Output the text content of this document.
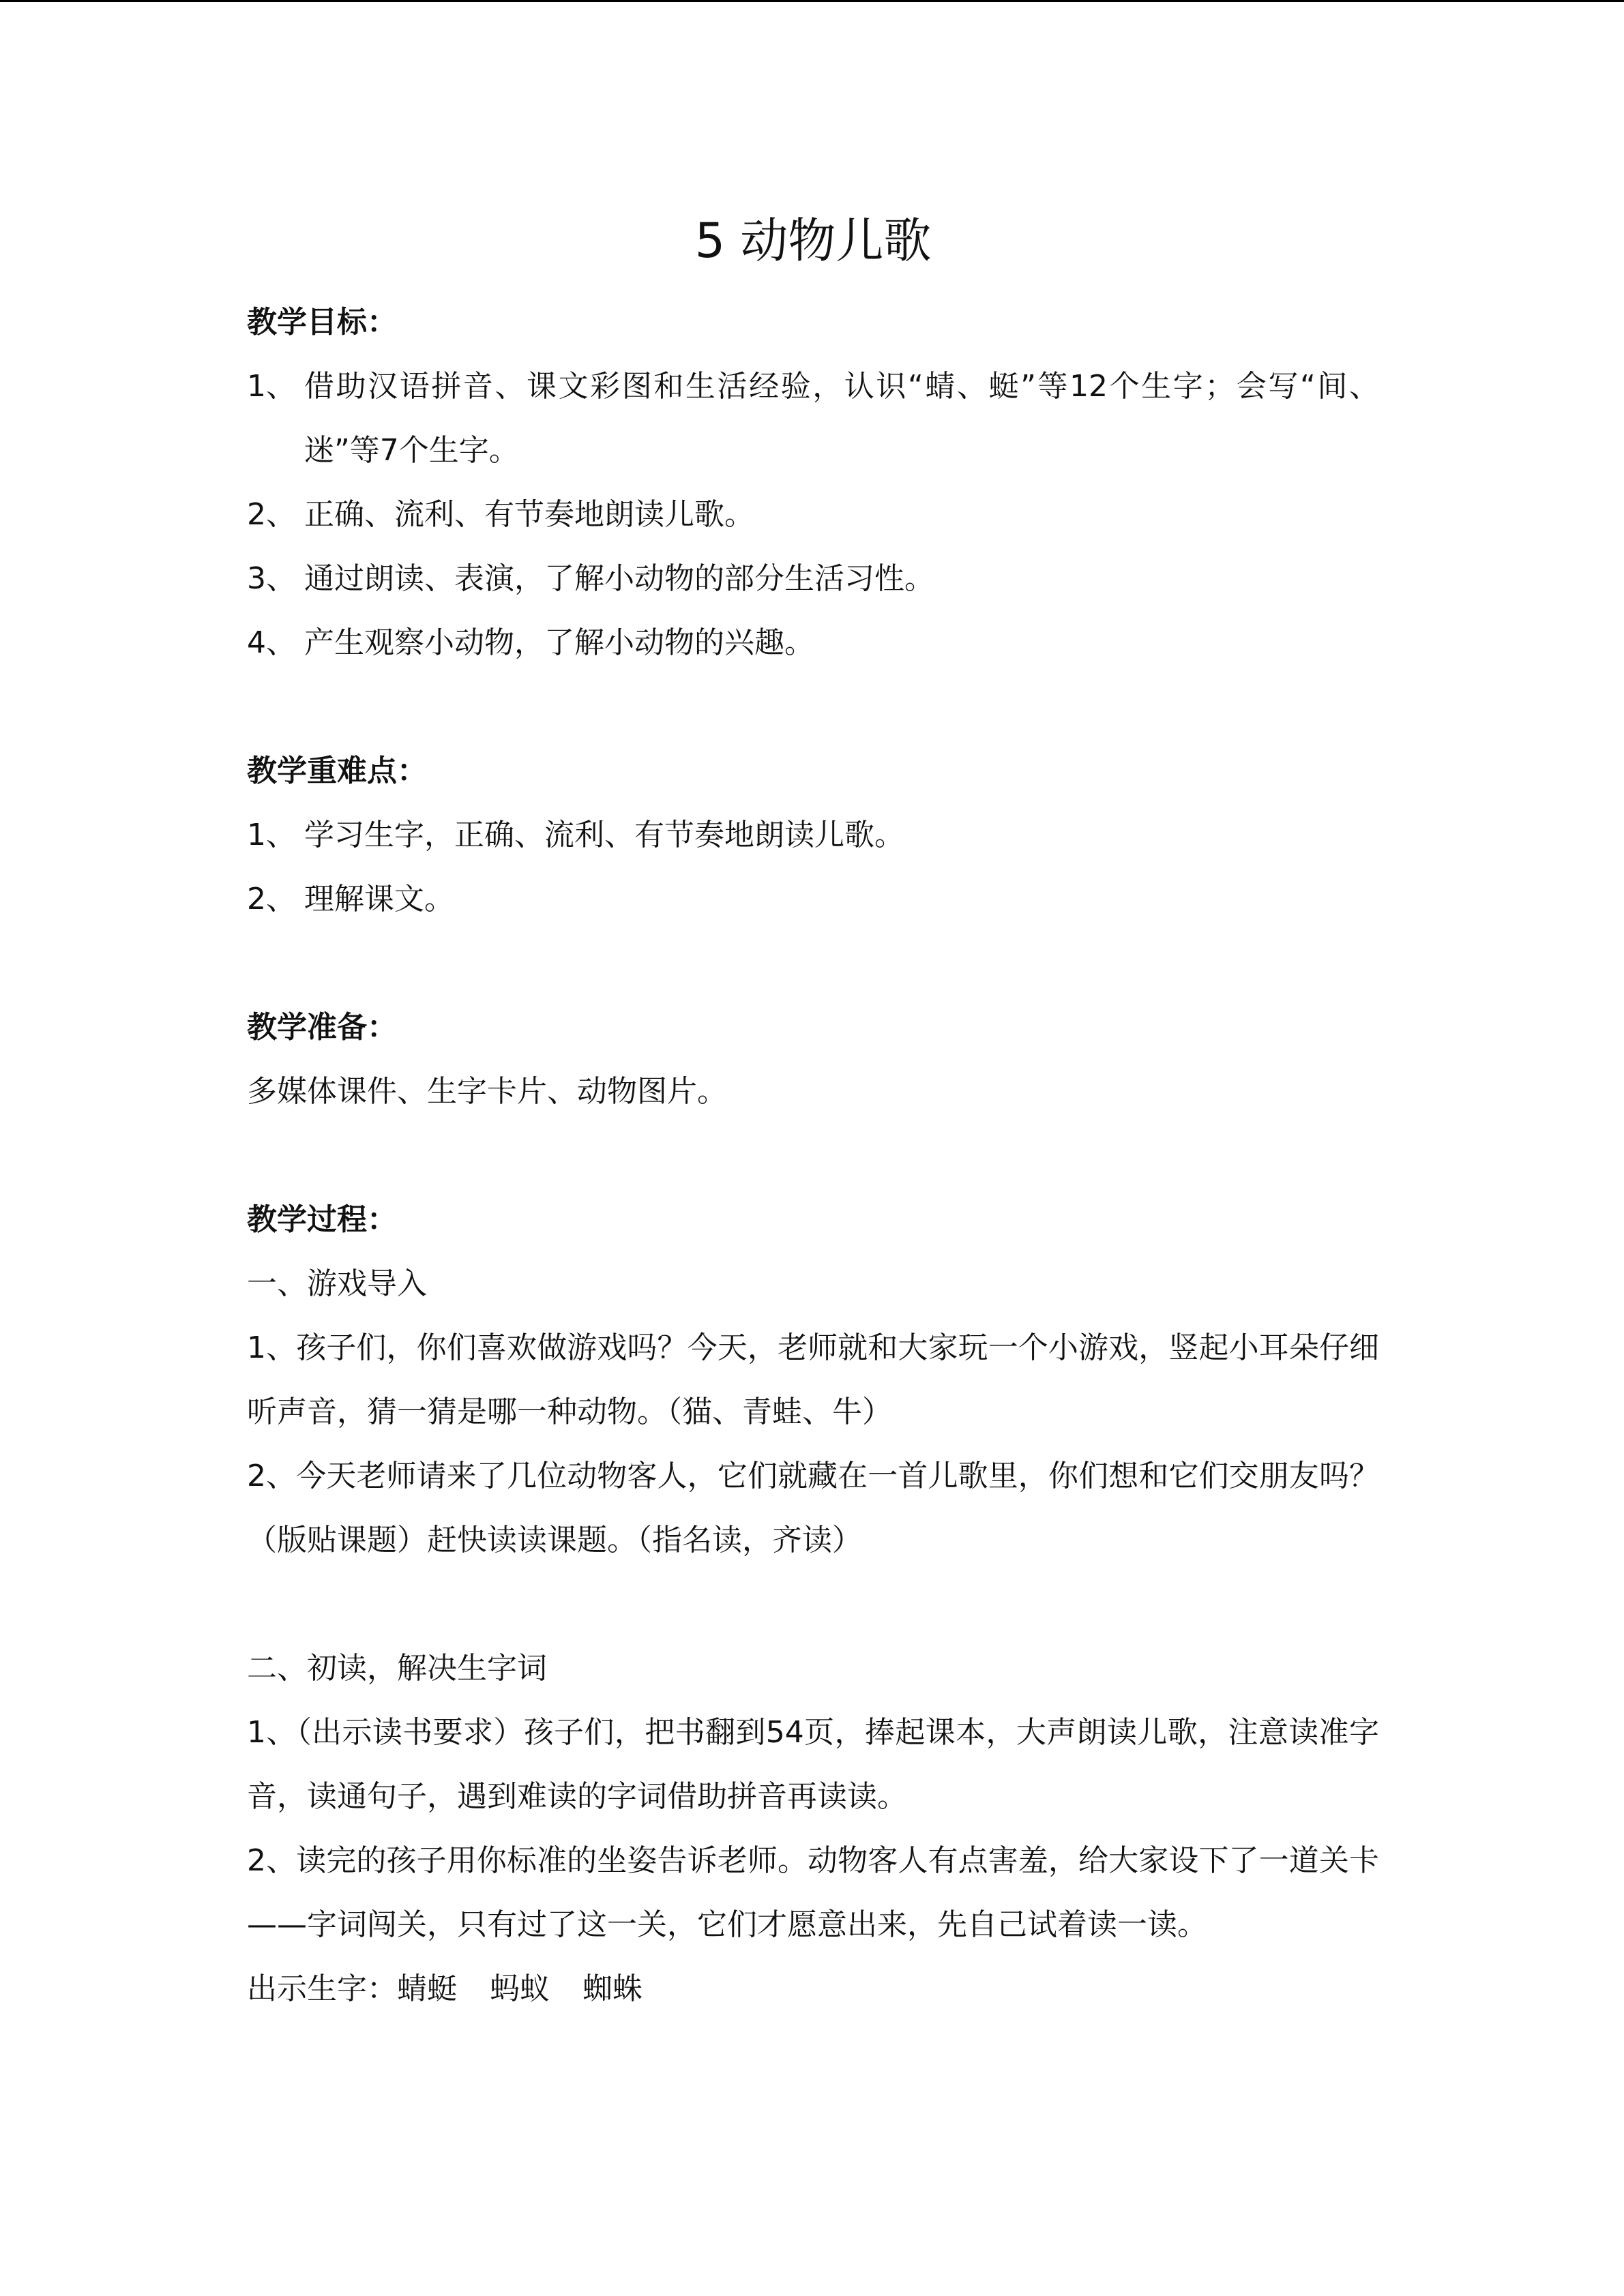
5 动物儿歌

教学目标：

1、 借助汉语拼音、课文彩图和生活经验，认识“蜻、蜓”等12个生字；会写“间、迷”等7个生字。
2、 正确、流利、有节奏地朗读儿歌。
3、 通过朗读、表演，了解小动物的部分生活习性。
4、 产生观察小动物，了解小动物的兴趣。

教学重难点：

1、 学习生字，正确、流利、有节奏地朗读儿歌。
2、 理解课文。

教学准备：

多媒体课件、生字卡片、动物图片。

教学过程：

一、游戏导入

1、孩子们，你们喜欢做游戏吗？今天，老师就和大家玩一个小游戏，竖起小耳朵仔细听声音，猜一猜是哪一种动物。（猫、青蛙、牛）

2、今天老师请来了几位动物客人，它们就藏在一首儿歌里，你们想和它们交朋友吗？（版贴课题）赶快读读课题。（指名读，齐读）

二、初读，解决生字词

1、（出示读书要求）孩子们，把书翻到54页，捧起课本，大声朗读儿歌，注意读准字音，读通句子，遇到难读的字词借助拼音再读读。

2、读完的孩子用你标准的坐姿告诉老师。动物客人有点害羞，给大家设下了一道关卡——字词闯关，只有过了这一关，它们才愿意出来，先自己试着读一读。

出示生字：蜻蜓 蚂蚁 蜘蛛
